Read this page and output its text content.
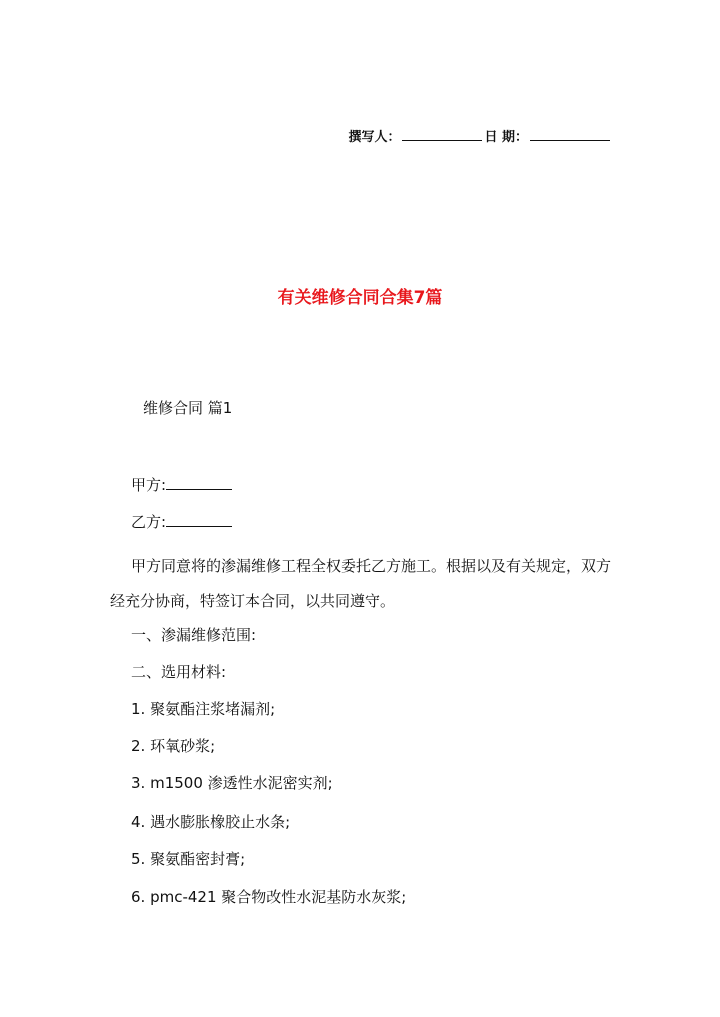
撰写人：	日 期：
有关维修合同合集7篇
维修合同 篇1
甲方:
乙方:

甲方同意将的渗漏维修工程全权委托乙方施工。根据以及有关规定，双方经充分协商，特签订本合同，以共同遵守。

一、渗漏维修范围:
二、选用材料:
1. 聚氨酯注浆堵漏剂;
2. 环氧砂浆;
3. m1500 渗透性水泥密实剂;
4. 遇水膨胀橡胶止水条;
5. 聚氨酯密封膏;
6. pmc-421 聚合物改性水泥基防水灰浆;
